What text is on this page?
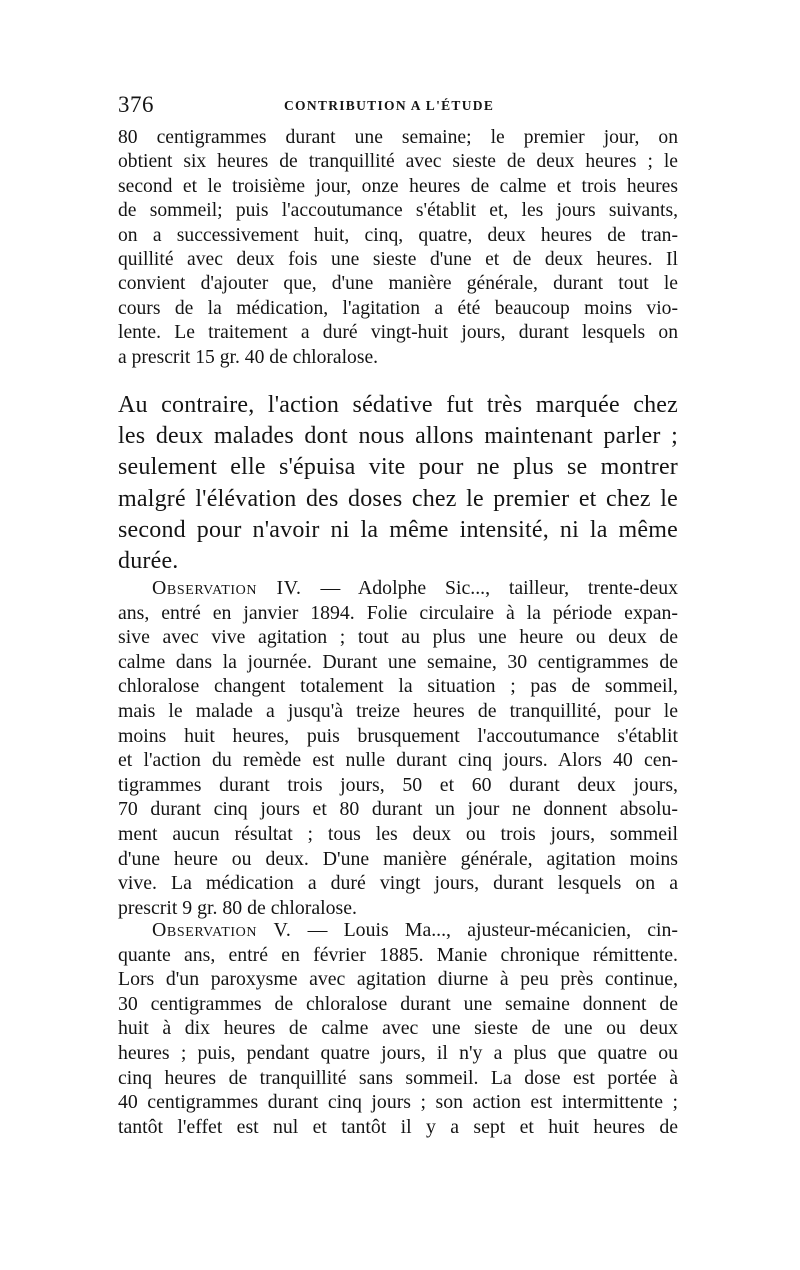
376	CONTRIBUTION A L'ÉTUDE
80 centigrammes durant une semaine; le premier jour, on
obtient six heures de tranquillité avec sieste de deux heures ; le
second et le troisième jour, onze heures de calme et trois heures
de sommeil; puis l'accoutumance s'établit et, les jours suivants,
on a successivement huit, cinq, quatre, deux heures de tran-
quillité avec deux fois une sieste d'une et de deux heures. Il
convient d'ajouter que, d'une manière générale, durant tout le
cours de la médication, l'agitation a été beaucoup moins vio-
lente. Le traitement a duré vingt-huit jours, durant lesquels on
a prescrit 15 gr. 40 de chloralose.
Au contraire, l'action sédative fut très marquée chez
les deux malades dont nous allons maintenant parler ;
seulement elle s'épuisa vite pour ne plus se montrer
malgré l'élévation des doses chez le premier et chez le
second pour n'avoir ni la même intensité, ni la même
durée.
Observation IV. — Adolphe Sic..., tailleur, trente-deux
ans, entré en janvier 1894. Folie circulaire à la période expan-
sive avec vive agitation ; tout au plus une heure ou deux de
calme dans la journée. Durant une semaine, 30 centigrammes de
chloralose changent totalement la situation ; pas de sommeil,
mais le malade a jusqu'à treize heures de tranquillité, pour le
moins huit heures, puis brusquement l'accoutumance s'établit
et l'action du remède est nulle durant cinq jours. Alors 40 cen-
tigrammes durant trois jours, 50 et 60 durant deux jours,
70 durant cinq jours et 80 durant un jour ne donnent absolu-
ment aucun résultat ; tous les deux ou trois jours, sommeil
d'une heure ou deux. D'une manière générale, agitation moins
vive. La médication a duré vingt jours, durant lesquels on a
prescrit 9 gr. 80 de chloralose.
Observation V. — Louis Ma..., ajusteur-mécanicien, cin-
quante ans, entré en février 1885. Manie chronique rémittente.
Lors d'un paroxysme avec agitation diurne à peu près continue,
30 centigrammes de chloralose durant une semaine donnent de
huit à dix heures de calme avec une sieste de une ou deux
heures ; puis, pendant quatre jours, il n'y a plus que quatre ou
cinq heures de tranquillité sans sommeil. La dose est portée à
40 centigrammes durant cinq jours ; son action est intermittente ;
tantôt l'effet est nul et tantôt il y a sept et huit heures de
